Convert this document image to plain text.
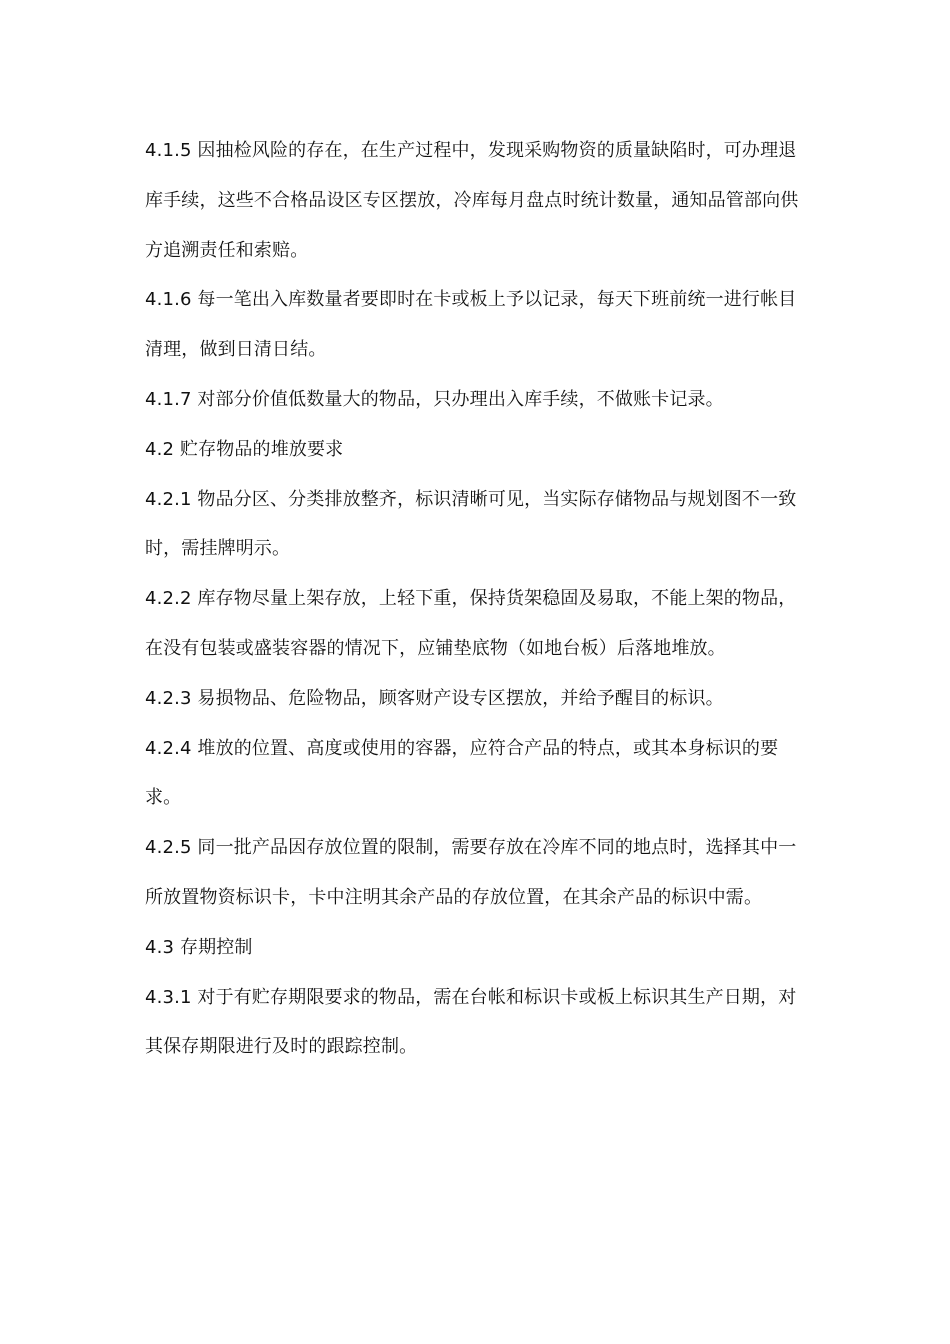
4.1.5 因抽检风险的存在，在生产过程中，发现采购物资的质量缺陷时，可办理退库手续，这些不合格品设区专区摆放，冷库每月盘点时统计数量，通知品管部向供方追溯责任和索赔。

4.1.6 每一笔出入库数量者要即时在卡或板上予以记录，每天下班前统一进行帐目清理，做到日清日结。

4.1.7 对部分价值低数量大的物品，只办理出入库手续，不做账卡记录。

4.2 贮存物品的堆放要求

4.2.1 物品分区、分类排放整齐，标识清晰可见，当实际存储物品与规划图不一致时，需挂牌明示。

4.2.2 库存物尽量上架存放，上轻下重，保持货架稳固及易取，不能上架的物品，在没有包装或盛装容器的情况下，应铺垫底物（如地台板）后落地堆放。

4.2.3 易损物品、危险物品，顾客财产设专区摆放，并给予醒目的标识。

4.2.4 堆放的位置、高度或使用的容器，应符合产品的特点，或其本身标识的要求。

4.2.5 同一批产品因存放位置的限制，需要存放在冷库不同的地点时，选择其中一所放置物资标识卡，卡中注明其余产品的存放位置，在其余产品的标识中需。

4.3 存期控制

4.3.1 对于有贮存期限要求的物品，需在台帐和标识卡或板上标识其生产日期，对其保存期限进行及时的跟踪控制。
